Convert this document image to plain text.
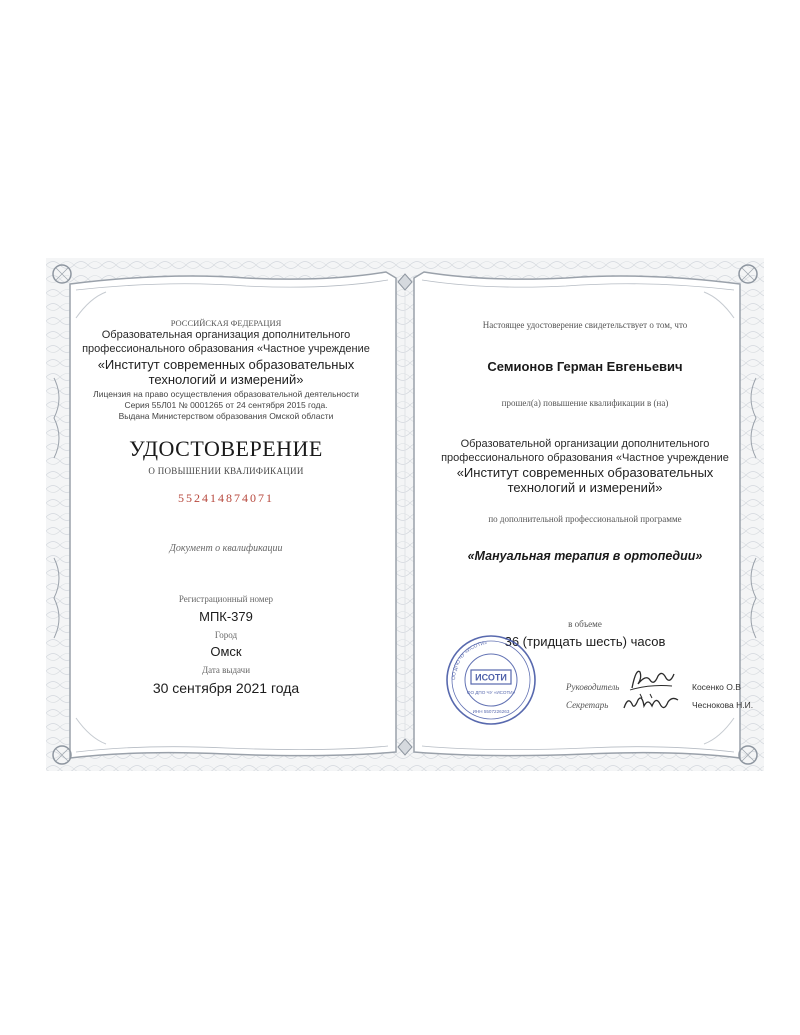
РОССИЙСКАЯ ФЕДЕРАЦИЯ

Образовательная организация дополнительного

профессионального образования «Частное учреждение

«Институт современных образовательных

технологий и измерений»

Лицензия на право осуществления образовательной деятельности

Серия 55Л01 № 0001265 от 24 сентября 2015 года.

Выдана Министерством образования Омской области

УДОСТОВЕРЕНИЕ

О ПОВЫШЕНИИ КВАЛИФИКАЦИИ

552414874071

Документ о квалификации

Регистрационный номер

МПК-379

Город

Омск

Дата выдачи

30 сентября 2021 года

Настоящее удостоверение свидетельствует о том, что

Семионов Герман Евгеньевич

прошел(а) повышение квалификации в (на)

Образовательной организации дополнительного

профессионального образования «Частное учреждение

«Институт современных образовательных

технологий и измерений»

по дополнительной профессиональной программе

«Мануальная терапия в ортопедии»

в объеме

36 (тридцать шесть) часов

ОО ДПО ЧУ «ИСОТИ»
ИСОТИ
ОО ДПО ЧУ «ИСОТИ»
ИНН 5507226263
Руководитель	Косенко О.В
Секретарь	Чеснокова Н.И.
